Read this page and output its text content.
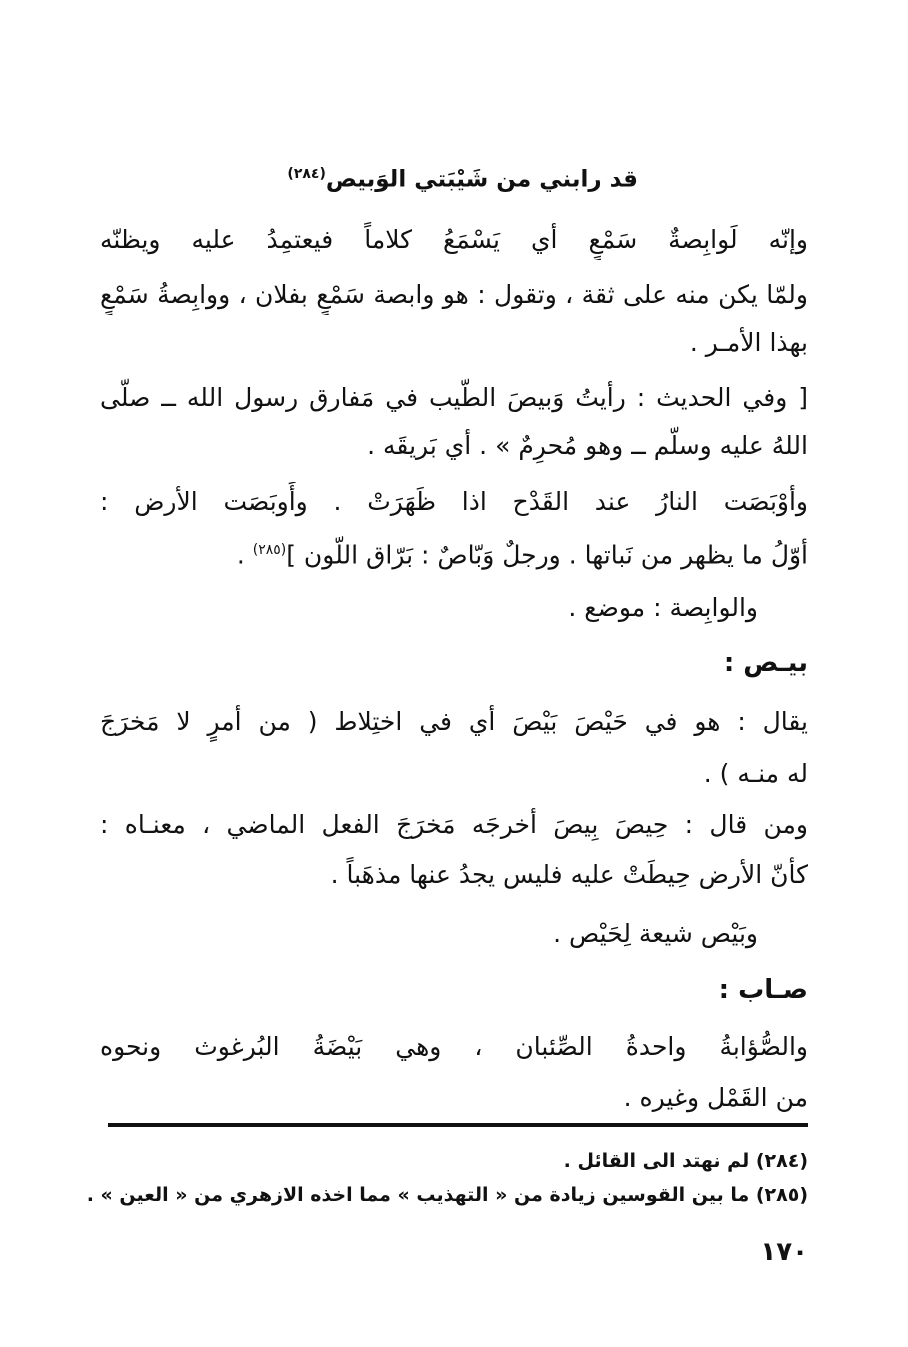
قد رابني من شَيْبَتي الوَبيص$^{(٢٨٤)}$
وإنّه لَوابِصةٌ سَمْعٍ أي يَسْمَعُ كلاماً فيعتمِدُ عليه ويظنّه
ولمّا يكن منه على ثقة ، وتقول : هو وابصة سَمْعٍ بفلان ، ووابِصةُ سَمْعٍ
بهذا الأمـر .
[ وفي الحديث : رأيتُ وَبيصَ الطّيب في مَفارق رسول الله ــ صلّى
اللهُ عليه وسلّم ــ وهو مُحرِمٌ » . أي بَريقَه .
وأوْبَصَت النارُ عند القَدْح اذا ظَهَرَتْ . وأَوبَصَت الأرض :
أوّلُ ما يظهر من نَباتها . ورجلٌ وَبّاصٌ : بَرّاق اللّون ]$^{(٢٨٥)}$ .
والوابِصة : موضع .
بيـص :
يقال : هو في حَيْصَ بَيْصَ أي في اختِلاط ( من أمرٍ لا مَخرَجَ
له منـه ) .
ومن قال : حِيصَ بِيصَ أخرجَه مَخرَجَ الفعل الماضي ، معنـاه :
كأنّ الأرض حِيطَتْ عليه فليس يجدُ عنها مذهَباً .
وبَيْص شيعة لِحَيْص .
صـاب :
والصُّؤابةُ واحدةُ الصِّئبان ، وهي بَيْضَةُ البُرغوث ونحوه
من القَمْل وغيره .
(٢٨٤) لم نهتد الى القائل .
(٢٨٥) ما بين القوسين زيادة من « التهذيب » مما اخذه الازهري من « العين » .
١٧٠
